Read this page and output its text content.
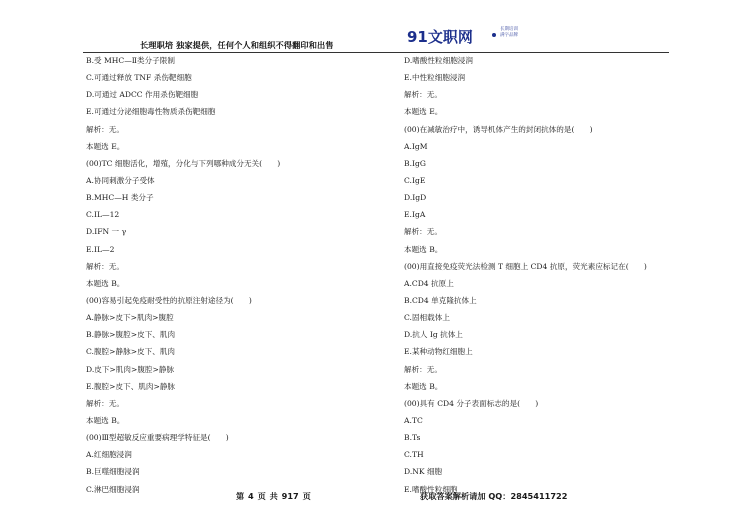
长理职培 独家提供，任何个人和组织不得翻印和出售	91文职网	长期培训
满字品牌
B.受 MHC—Ⅱ类分子限制
C.可通过释放 TNF 杀伤靶细胞
D.可通过 ADCC 作用杀伤靶细胞
E.可通过分泌细胞毒性物质杀伤靶细胞
解析：无。
本题选 E。
(00)TC 细胞活化，增殖，分化与下列哪种成分无关(　　)
A.协同刺激分子受体
B.MHC—H 类分子
C.IL—12
D.IFN 一 γ
E.IL—2
解析：无。
本题选 B。
(00)容易引起免疫耐受性的抗原注射途径为(　　)
A.静脉>皮下>肌肉>腹腔
B.静脉>腹腔>皮下、肌肉
C.腹腔>静脉>皮下、肌肉
D.皮下>肌肉>腹腔>静脉
E.腹腔>皮下、肌肉>静脉
解析：无。
本题选 B。
(00)Ⅲ型超敏反应重要病理学特征是(　　)
A.红细胞浸润
B.巨噬细胞浸润
C.淋巴细胞浸润
D.嗜酸性粒细胞浸润
E.中性粒细胞浸润
解析：无。
本题选 E。
(00)在减敏治疗中，诱导机体产生的封闭抗体的是(　　)
A.IgM
B.IgG
C.IgE
D.IgD
E.IgA
解析：无。
本题选 B。
(00)用直接免疫荧光法检测 T 细胞上 CD4 抗原，荧光素应标记在(　　)
A.CD4 抗原上
B.CD4 单克隆抗体上
C.固相载体上
D.抗人 Ig 抗体上
E.某种动物红细胞上
解析：无。
本题选 B。
(00)具有 CD4 分子表面标志的是(　　)
A.TC
B.Ts
C.TH
D.NK 细胞
E.嗜酸性粒细胞
第 4 页 共 917 页	获取答案解析请加 QQ：2845411722
